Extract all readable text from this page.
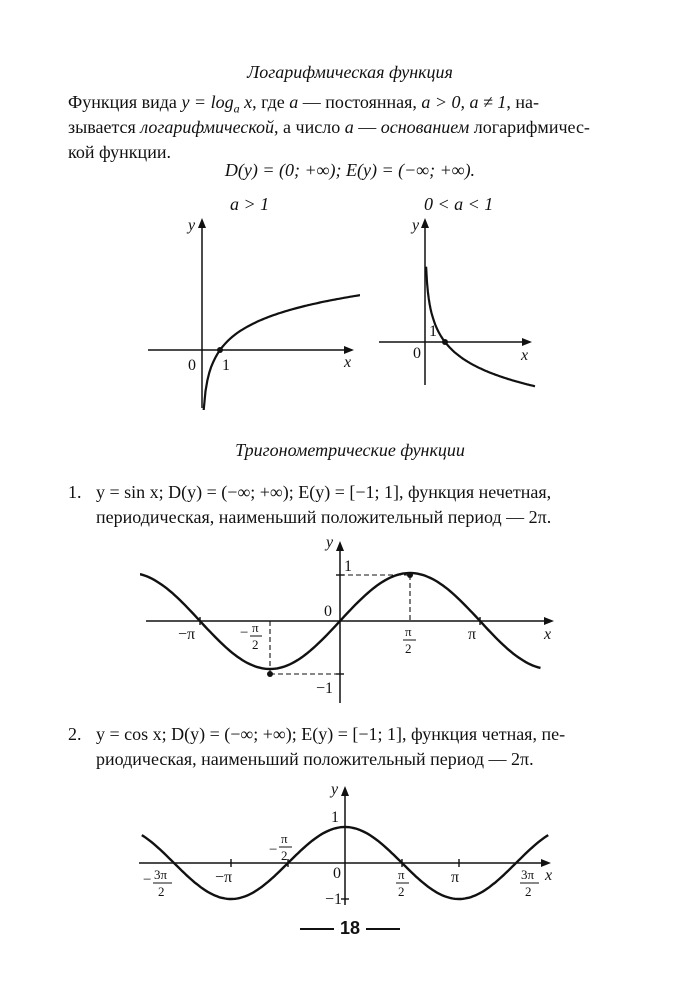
Логарифмическая функция
Функция вида $y = \log_a x$, где a — постоянная, a > 0, a ≠ 1, на-
зывается логарифмической, а число a — основанием логарифмичес-
кой функции.
D(y) = (0; +∞); E(y) = (−∞; +∞).
a > 1	0 < a < 1
0 1
y
x
0
1
y
x
Тригонометрические функции
1. y = sin x; D(y) = (−∞; +∞); E(y) = [−1; 1], функция нечетная,
периодическая, наименьший положительный период — 2π.
y
x
1
0
−1
−π	π
− π
2
π
2
2. y = cos x; D(y) = (−∞; +∞); E(y) = [−1; 1], функция четная, пе-
риодическая, наименьший положительный период — 2π.
y
x
1
0
−1
−π	π
−
π
2
π
2
− 3π
2
3π
2
18
